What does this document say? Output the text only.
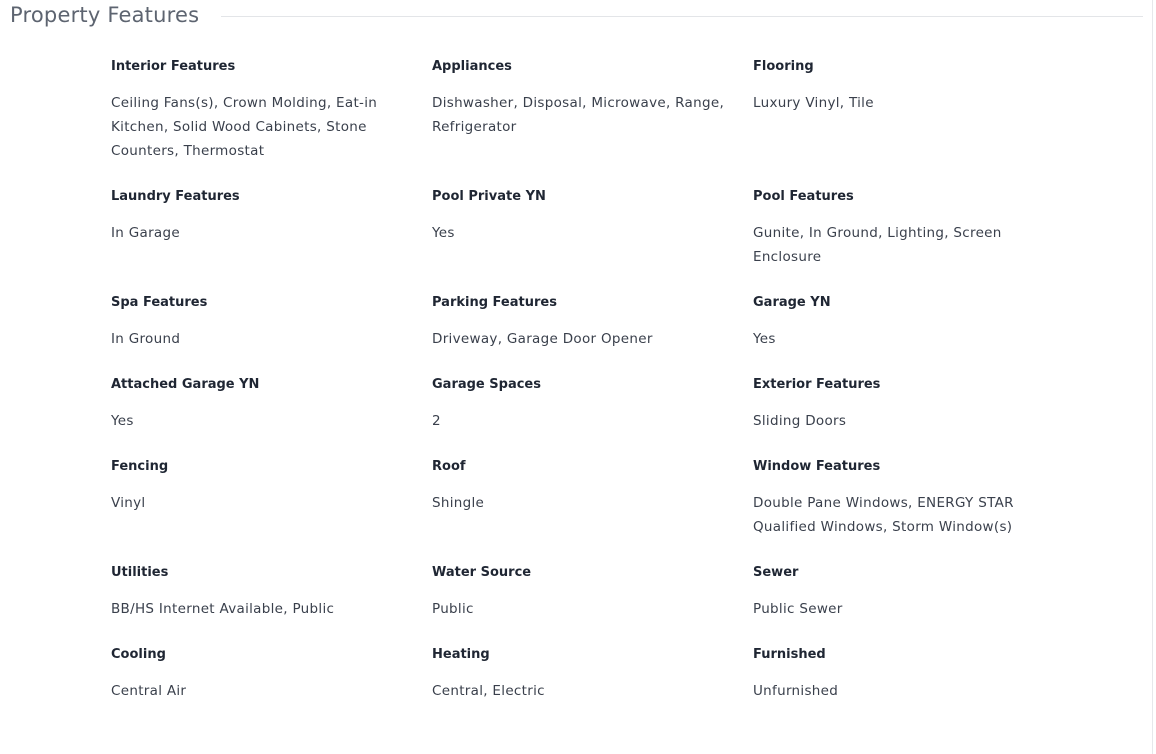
Property Features

Interior Features

Ceiling Fans(s), Crown Molding, Eat-in Kitchen, Solid Wood Cabinets, Stone Counters, Thermostat

Appliances

Dishwasher, Disposal, Microwave, Range, Refrigerator

Flooring

Luxury Vinyl, Tile

Laundry Features

In Garage

Pool Private YN

Yes

Pool Features

Gunite, In Ground, Lighting, Screen Enclosure

Spa Features

In Ground

Parking Features

Driveway, Garage Door Opener

Garage YN

Yes

Attached Garage YN

Yes

Garage Spaces

2

Exterior Features

Sliding Doors

Fencing

Vinyl

Roof

Shingle

Window Features

Double Pane Windows, ENERGY STAR Qualified Windows, Storm Window(s)

Utilities

BB/HS Internet Available, Public

Water Source

Public

Sewer

Public Sewer

Cooling

Central Air

Heating

Central, Electric

Furnished

Unfurnished
